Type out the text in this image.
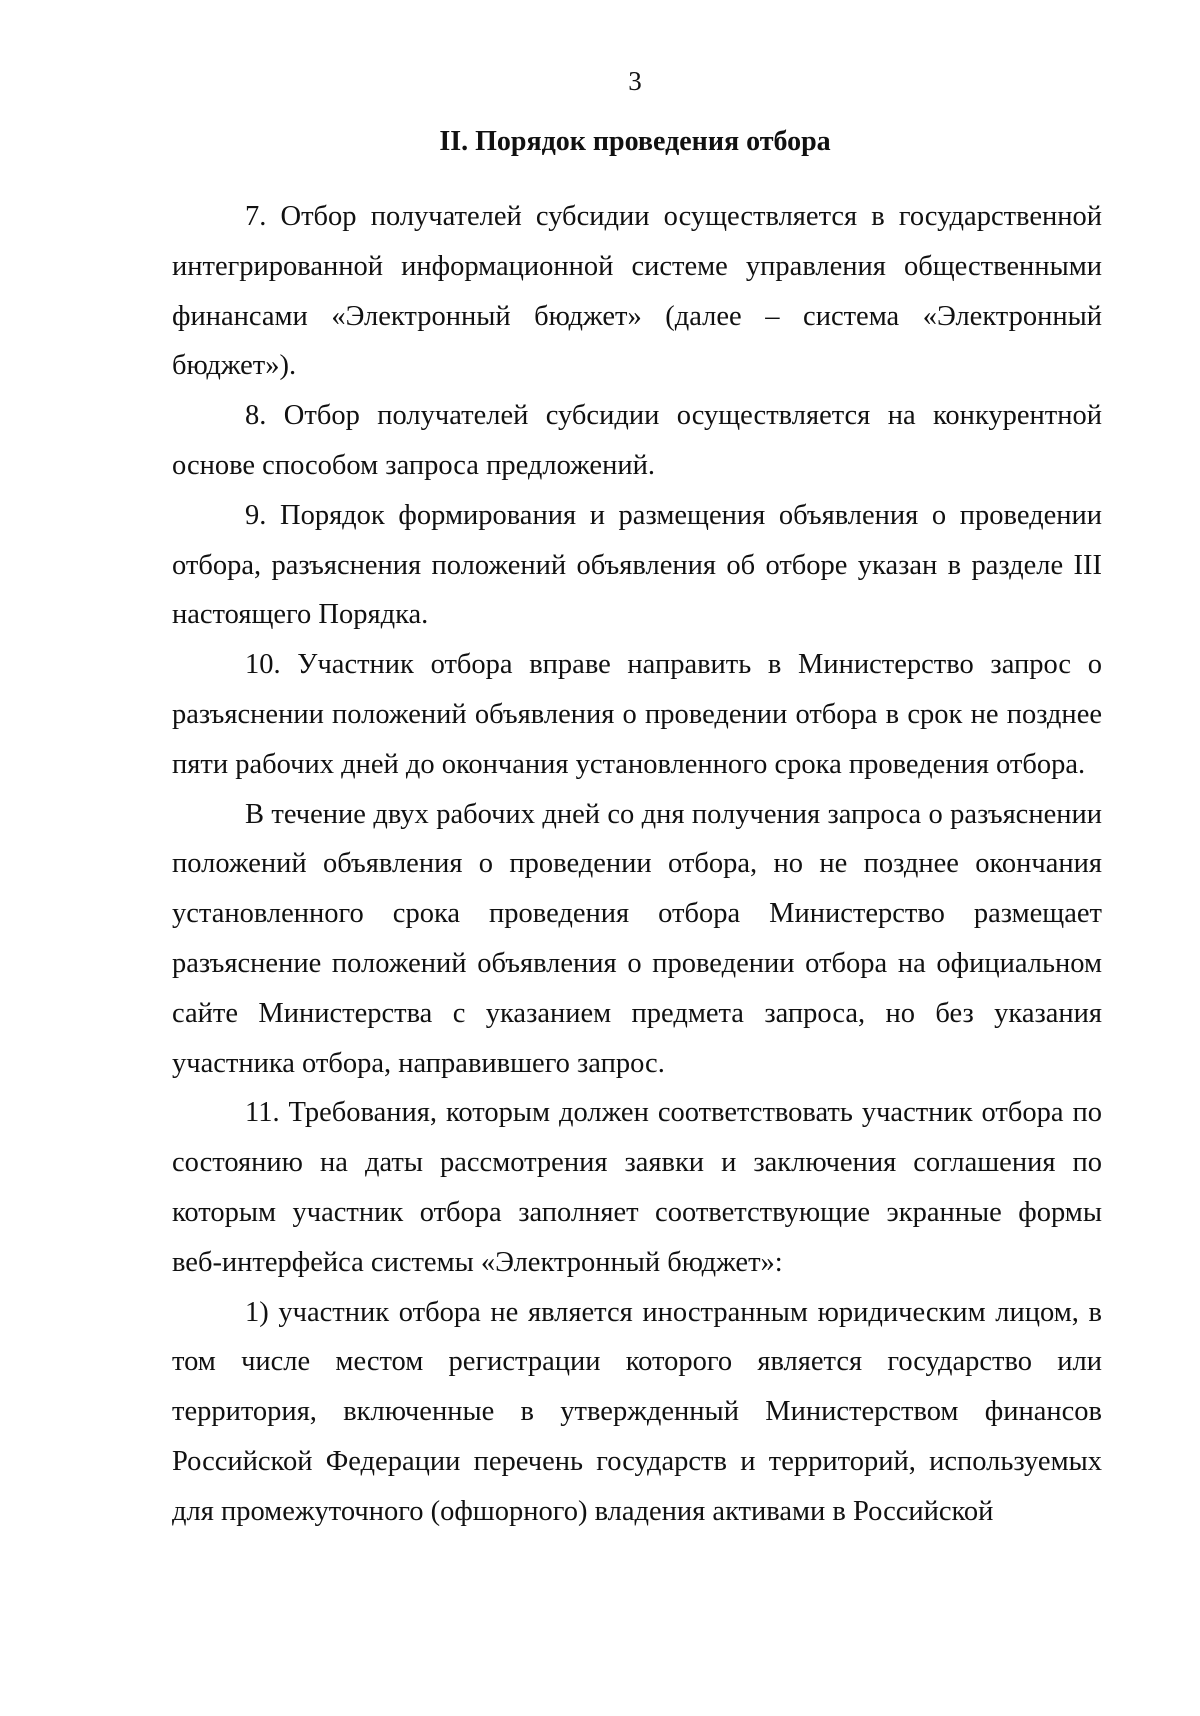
3
II. Порядок проведения отбора

7. Отбор получателей субсидии осуществляется в государственной интегрированной информационной системе управления общественными финансами «Электронный бюджет» (далее – система «Электронный бюджет»).

8. Отбор получателей субсидии осуществляется на конкурентной основе способом запроса предложений.

9. Порядок формирования и размещения объявления о проведении отбора, разъяснения положений объявления об отборе указан в разделе III настоящего Порядка.

10. Участник отбора вправе направить в Министерство запрос о разъяснении положений объявления о проведении отбора в срок не позднее пяти рабочих дней до окончания установленного срока проведения отбора.

В течение двух рабочих дней со дня получения запроса о разъяснении положений объявления о проведении отбора, но не позднее окончания установленного срока проведения отбора Министерство размещает разъяснение положений объявления о проведении отбора на официальном сайте Министерства с указанием предмета запроса, но без указания участника отбора, направившего запрос.

11. Требования, которым должен соответствовать участник отбора по состоянию на даты рассмотрения заявки и заключения соглашения по которым участник отбора заполняет соответствующие экранные формы веб-интерфейса системы «Электронный бюджет»:

1) участник отбора не является иностранным юридическим лицом, в том числе местом регистрации которого является государство или территория, включенные в утвержденный Министерством финансов Российской Федерации перечень государств и территорий, используемых для промежуточного (офшорного) владения активами в Российской
